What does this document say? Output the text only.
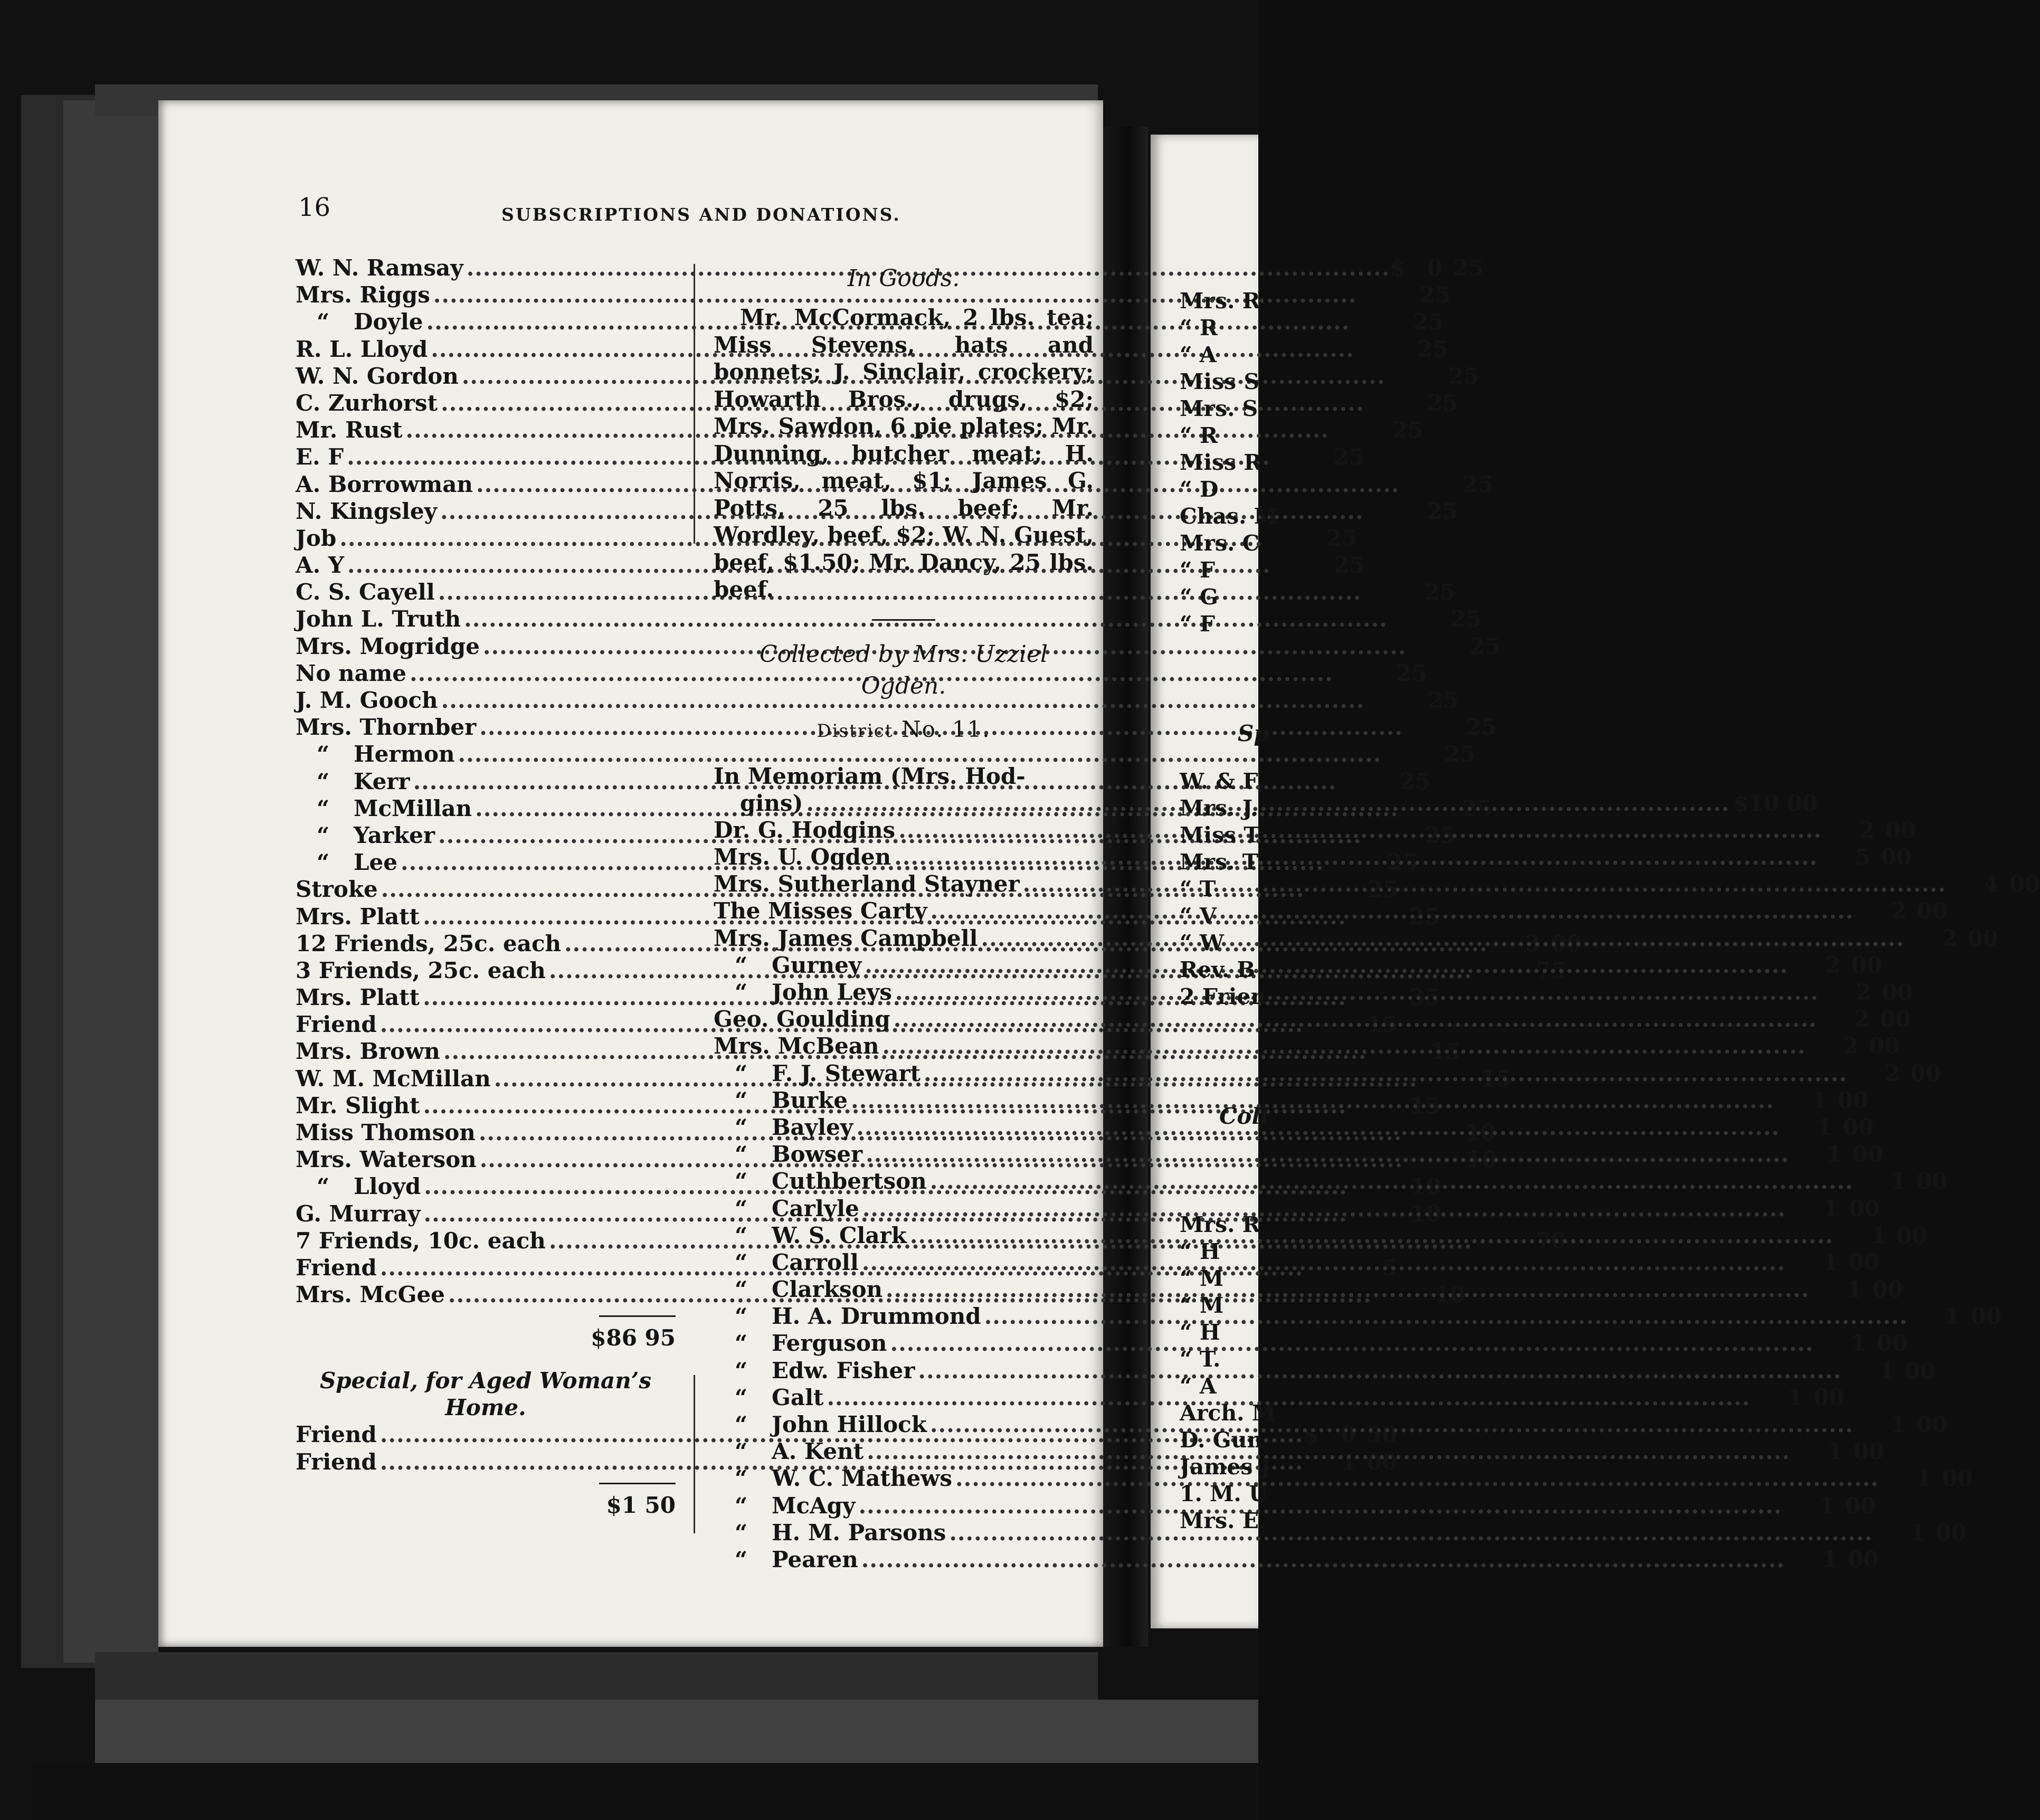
16	SUBSCRIPTIONS AND DONATIONS.
W. N. Ramsay .....	$ 0 25
Mrs. Riggs .....	25
“ Doyle .....	25
R. L. Lloyd .....	25
W. N. Gordon .....	25
C. Zurhorst .....	25
Mr. Rust .....	25
E. F .....	25
A. Borrowman .....	25
N. Kingsley .....	25
Job .....	25
A. Y .....	25
C. S. Cayell .....	25
John L. Truth .....	25
Mrs. Mogridge .....	25
No name .....	25
J. M. Gooch .....	25
Mrs. Thornber .....	25
“ Hermon .....	25
“ Kerr .....	25
“ McMillan .....	25
“ Yarker .....	25
“ Lee .....	25
Stroke .....	25
Mrs. Platt .....	25
12 Friends, 25c. each .....	3 00
3 Friends, 25c. each .....	75
Mrs. Platt .....	35
Friend .....	15
Mrs. Brown .....	15
W. M. McMillan .....	15
Mr. Slight .....	15
Miss Thomson .....	10
Mrs. Waterson .....	10
“ Lloyd .....	10
G. Murray .....	10
7 Friends, 10c. each .....	70
Friend .....	5
Mrs. McGee .....	10
$86 95
Special, for Aged Woman’s
Home.
Friend .....	$ 0 50
Friend .....	1 00
$1 50
In Goods.
Mr. McCormack, 2 lbs. tea; Miss Stevens, hats and bonnets; J. Sinclair, crockery; Howarth Bros., drugs, $2; Mrs. Sawdon, 6 pie plates; Mr. Dunning, butcher meat; H. Norris, meat, $1; James G. Potts, 25 lbs. beef; Mr. Wordley, beef, $2; W. N. Guest, beef, $1.50; Mr. Dancy, 25 lbs. beef.
Collected by Mrs. Uzziel Ogden.
District No. 11.
In Memoriam (Mrs. Hod-
gins) .....	$10 00
Dr. G. Hodgins .....	2 00
Mrs. U. Ogden .....	5 00
Mrs. Sutherland Stayner .....	4 00
The Misses Carty .....	2 00
Mrs. James Campbell .....	2 00
“ Gurney .....	2 00
“ John Leys .....	2 00
Geo. Goulding .....	2 00
Mrs. McBean .....	2 00
“ F. J. Stewart .....	2 00
“ Burke .....	1 00
“ Bayley .....	1 00
“ Bowser .....	1 00
“ Cuthbertson .....	1 00
“ Carlyle .....	1 00
“ W. S. Clark .....	1 00
“ Carroll .....	1 00
“ Clarkson .....	1 00
“ H. A. Drummond .....	1 00
“ Ferguson .....	1 00
“ Edw. Fisher .....	1 00
“ Galt .....	1 00
“ John Hillock .....	1 00
“ A. Kent .....	1 00
“ W. C. Mathews .....	1 00
“ McAgy .....	1 00
“ H. M. Parsons .....	1 00
“ Pearen .....	1 00
Mrs. R
“ R
“ A
Miss S
Mrs. S
“ R
Miss R
“ D
Chas. M
Mrs. C
“ F
“ G
“ F
W. & F
Mrs. J.
Miss T
Mrs. T
“ T
“ V
“ W
Rev. B
2 Frien
Mrs. R
“ H
“ M
“ M
“ H
“ T.
“ A
Arch. M
D. Gun
James J
1. M. U
Mrs. E.
Sp
Coll
